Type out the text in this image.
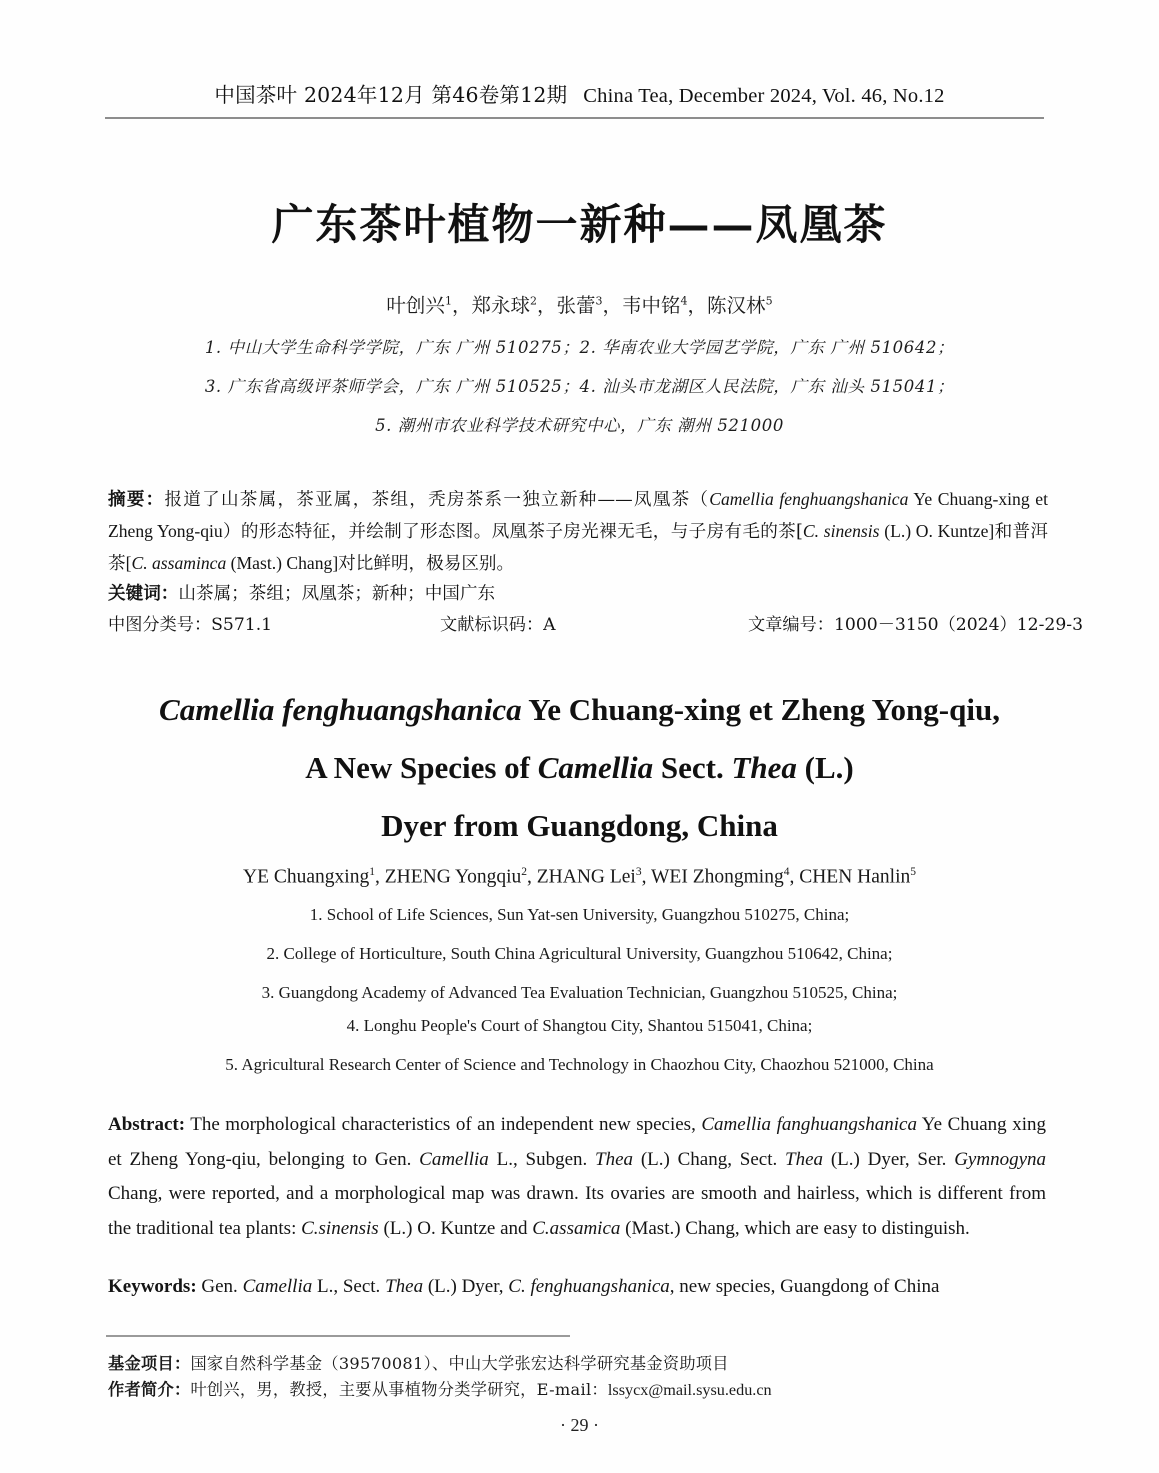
中国茶叶 2024年12月 第46卷第12期 China Tea, December 2024, Vol. 46, No.12
广东茶叶植物一新种——凤凰茶
叶创兴$^1$，郑永球$^2$，张蕾$^3$，韦中铭$^4$，陈汉林$^5$
1. 中山大学生命科学学院，广东 广州 510275；2. 华南农业大学园艺学院，广东 广州 510642；
3. 广东省高级评茶师学会，广东 广州 510525；4. 汕头市龙湖区人民法院，广东 汕头 515041；
5. 潮州市农业科学技术研究中心，广东 潮州 521000
摘要：报道了山茶属，茶亚属，茶组，秃房茶系一独立新种——凤凰茶（Camellia fenghuangshanica Ye Chuang-xing et Zheng Yong-qiu）的形态特征，并绘制了形态图。凤凰茶子房光裸无毛，与子房有毛的茶[C. sinensis (L.) O. Kuntze]和普洱茶[C. assaminca (Mast.) Chang]对比鲜明，极易区别。
关键词：山茶属；茶组；凤凰茶；新种；中国广东
中图分类号：S571.1	文献标识码：A	文章编号：1000－3150（2024）12-29-3
Camellia fenghuangshanica Ye Chuang-xing et Zheng Yong-qiu,
A New Species of Camellia Sect. Thea (L.)
Dyer from Guangdong, China
YE Chuangxing$^1$, ZHENG Yongqiu$^2$, ZHANG Lei$^3$, WEI Zhongming$^4$, CHEN Hanlin$^5$
1. School of Life Sciences, Sun Yat-sen University, Guangzhou 510275, China;
2. College of Horticulture, South China Agricultural University, Guangzhou 510642, China;
3. Guangdong Academy of Advanced Tea Evaluation Technician, Guangzhou 510525, China;
4. Longhu People's Court of Shangtou City, Shantou 515041, China;
5. Agricultural Research Center of Science and Technology in Chaozhou City, Chaozhou 521000, China
Abstract: The morphological characteristics of an independent new species, Camellia fanghuangshanica Ye Chuang xing et Zheng Yong-qiu, belonging to Gen. Camellia L., Subgen. Thea (L.) Chang, Sect. Thea (L.) Dyer, Ser. Gymnogyna Chang, were reported, and a morphological map was drawn. Its ovaries are smooth and hairless, which is different from the traditional tea plants: C.sinensis (L.) O. Kuntze and C.assamica (Mast.) Chang, which are easy to distinguish.
Keywords: Gen. Camellia L., Sect. Thea (L.) Dyer, C. fenghuangshanica, new species, Guangdong of China
基金项目：国家自然科学基金（39570081）、中山大学张宏达科学研究基金资助项目
作者简介：叶创兴，男，教授，主要从事植物分类学研究，E-mail：lssycx@mail.sysu.edu.cn
· 29 ·
